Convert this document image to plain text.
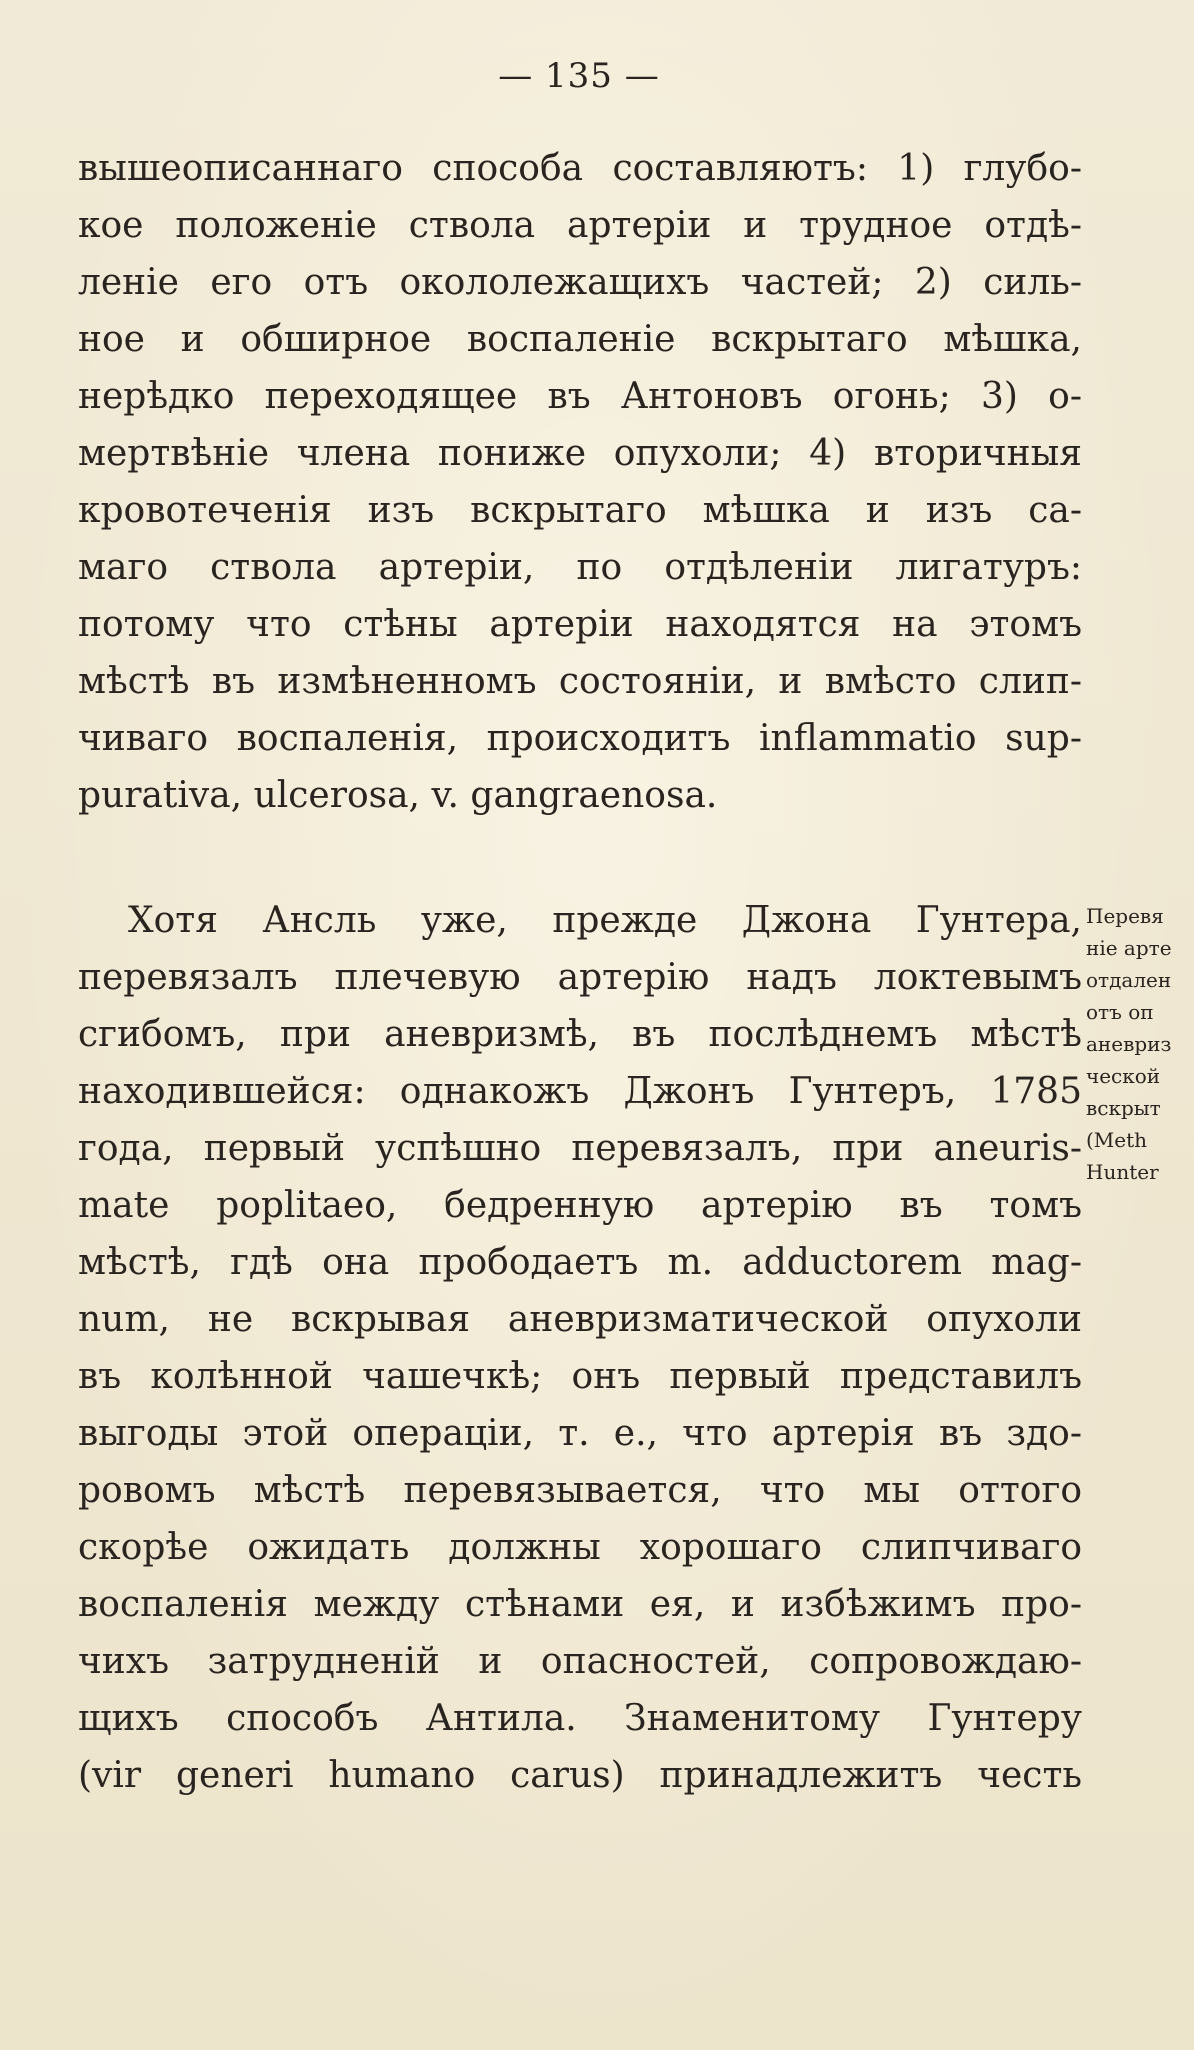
— 135 —
вышеописаннаго способа составляютъ: 1) глубо-
кое положенie ствола артерiи и трудное отдѣ-
ленie его отъ окололежащихъ частей; 2) силь-
ное и обширное воспаленie вскрытаго мѣшка,
нерѣдко переходящее въ Антоновъ огонь; 3) о-
мертвѣнie члена пониже опухоли; 4) вторичныя
кровотеченiя изъ вскрытаго мѣшка и изъ са-
маго ствола артерiи, по отдѣленiи лигатуръ:
потому что стѣны артерiи находятся на этомъ
мѣстѣ въ измѣненномъ состоянiи, и вмѣсто слип-
чиваго воспаленiя, происходитъ inflammatio sup-
purativa, ulcerosa, v. gangraenosa.
Хотя Ансль уже, прежде Джона Гунтера,
перевязалъ плечевую артерiю надъ локтевымъ
сгибомъ, при аневризмѣ, въ послѣднемъ мѣстѣ
находившейся: однакожъ Джонъ Гунтеръ, 1785
года, первый успѣшно перевязалъ, при aneuris-
mate poplitaeo, бедренную артерiю въ томъ
мѣстѣ, гдѣ она прободаетъ m. adductorem mag-
num, не вскрывая аневризматической опухоли
въ колѣнной чашечкѣ; онъ первый представилъ
выгоды этой операцiи, т. е., что артерiя въ здо-
ровомъ мѣстѣ перевязывается, что мы оттого
скорѣе ожидать должны хорошаго слипчиваго
воспаленiя между стѣнами ея, и избѣжимъ про-
чихъ затрудненiй и опасностей, сопровождаю-
щихъ способъ Антила. Знаменитому Гунтеру
(vir generi humano carus) принадлежитъ честь
Перевя
нie арте
отдален
отъ оп
аневриз
ческой
вскрыт
(Meth
Hunter
